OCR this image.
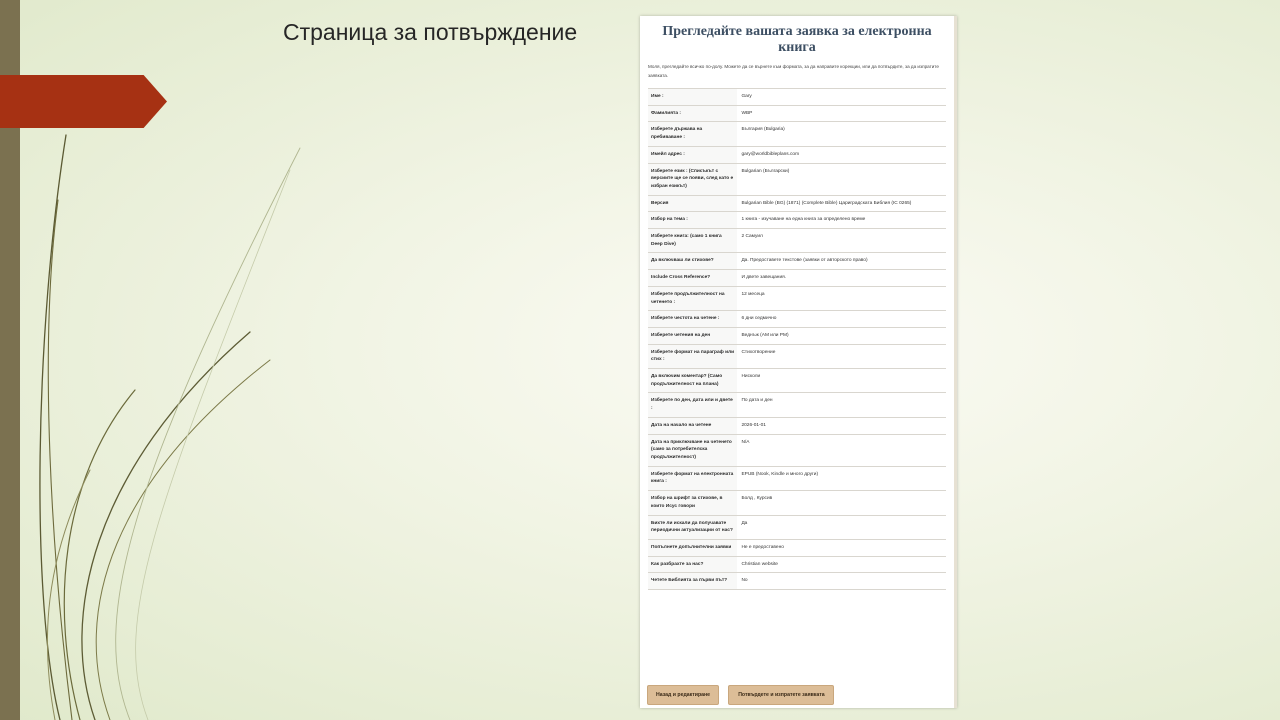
Страница за потвърждение	Прегледайте вашата заявка за електронна книга

Моля, прегледайте всичко по-долу. Можете да се върнете към формата, за да направите корекции, или да потвърдите, за да изпратите заявката.

Име :	Gary
Фамилията :	WBP
Изберете държава на пребиваване :	България (Bulgaria)
Имейл адрес :	gary@worldbibleplans.com
Изберете език : (Списъкът с версиите ще се появи, след като е избран езикът)	Bulgarian (Български)
Версия	Bulgarian Bible (BG) (1871) (Complete Bible) Цариградската Библия (IC 0265)
Избор на тема :	1 книга - изучаване на една книга за определено време
Изберете книга: (само 1 книга Deep Dive)	2 Самуил
Да включваш ли стихове?	Да. Предоставете текстове (заявки от авторското право)
Include Cross Reference?	И двете завещания.
Изберете продължителност на четенето :	12 месеца
Изберете честота на четене :	6 дни седмично
Изберете четения на ден	Веднъж (AM или PM)
Изберете формат на параграф или стих :	Стихотворение
Да включим коментар? (Само продължителност на плана)	Нисколи
Изберете по ден, дата или и двете :	По дата и ден
Дата на начало на четене	2026-01-01
Дата на приключване на четенето (само за потребителска продължителност)	N/A
Изберете формат на електронната книга :	EPUB (Nook, Kindle и много други)
Избор на шрифт за стихове, в които Исус говори	Болд , Курсив
Бихте ли искали да получавате периодични актуализации от нас?	Да
Попълнете допълнителни заявки	Не е предоставено
Как разбрахте за нас?	Christian website
Четете Библията за първи път?	No
Назад и редактиране	Потвърдете и изпратете заявката
